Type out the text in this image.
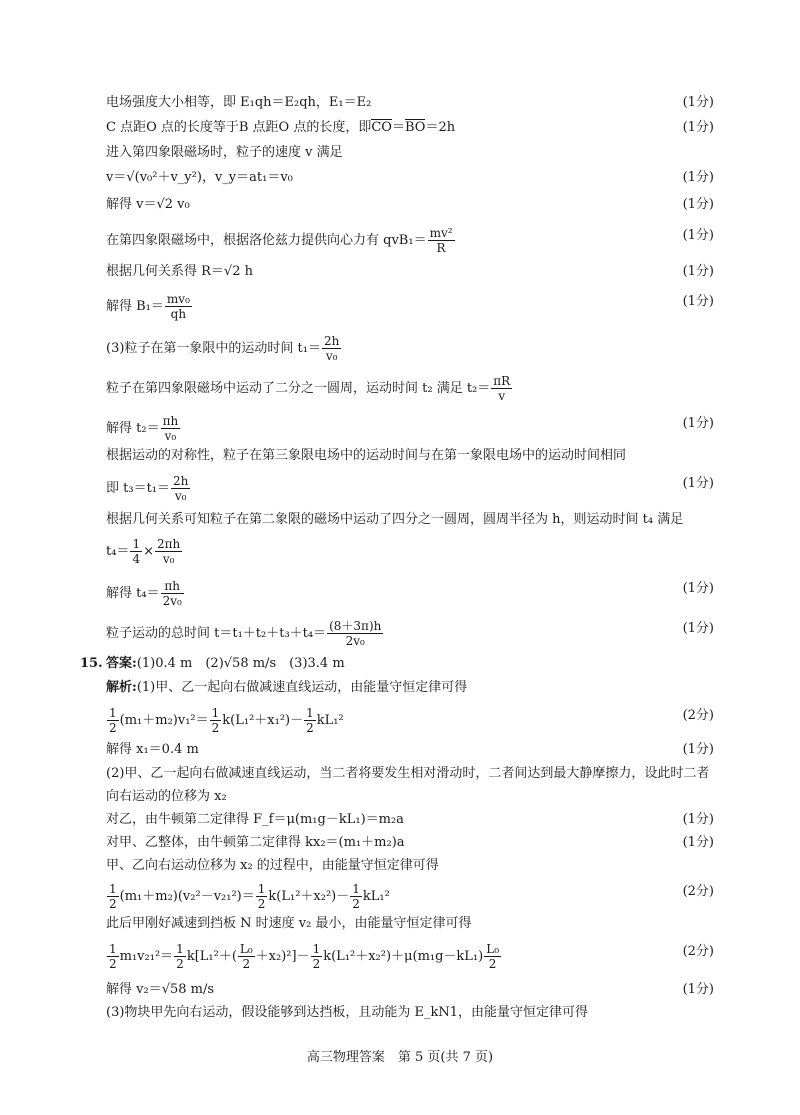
电场强度大小相等，即 E₁qh＝E₂qh，E₁＝E₂	(1分)
C 点距O 点的长度等于B 点距O 点的长度，即CO＝BO＝2h	(1分)
进入第四象限磁场时，粒子的速度 v 满足
v＝√(v₀²＋v_y²)，v_y＝at₁＝v₀	(1分)
解得 v＝√2 v₀	(1分)
在第四象限磁场中，根据洛伦兹力提供向心力有 $qvB_1= \frac{\text{mv²}}{R}$	(1分)
根据几何关系得 R＝√2 h	(1分)
解得 $B_1= \frac{\text{mv₀}}{qh}$	(1分)
(3)粒子在第一象限中的运动时间 $t_1= \frac{2h}{\text{v₀}}$
粒子在第四象限磁场中运动了二分之一圆周，运动时间 t₂ 满足 $t_2= \frac{\pi R}{v}$
解得 $t_2= \frac{\pi h}{\text{v₀}}$	(1分)
根据运动的对称性，粒子在第三象限电场中的运动时间与在第一象限电场中的运动时间相同
即 $t_3=t_1= \frac{2h}{\text{v₀}}$	(1分)
根据几何关系可知粒子在第二象限的磁场中运动了四分之一圆周，圆周半径为 h，则运动时间 t₄ 满足
$t_4= \frac{1}{4} \times \frac{2\pi h}{\text{v₀}}$
解得 $t_4= \frac{\pi h}{\text{2v₀}}$	(1分)
粒子运动的总时间 $t=t_1+t_2+t_3+t_4= \frac{(8+3\pi)h}{\text{2v₀}}$	(1分)
15. 答案:(1)0.4 m　(2)√58 m/s　(3)3.4 m
解析:(1)甲、乙一起向右做减速直线运动，由能量守恒定律可得
$\frac{1}{2} (m_1+m_2)v_1^2= \frac{1}{2} k(L_1^2+x_1^2)- \frac{1}{2} kL_1^2$	(2分)
解得 x₁＝0.4 m	(1分)
(2)甲、乙一起向右做减速直线运动，当二者将要发生相对滑动时，二者间达到最大静摩擦力，设此时二者
向右运动的位移为 x₂
对乙，由牛顿第二定律得 F_f＝μ(m₁g－kL₁)＝m₂a	(1分)
对甲、乙整体，由牛顿第二定律得 kx₂＝(m₁＋m₂)a	(1分)
甲、乙向右运动位移为 x₂ 的过程中，由能量守恒定律可得
$\frac{1}{2} (m_1+m_2)(v_2^2-v_{21}^2)= \frac{1}{2} k(L_1^2+x_2^2)- \frac{1}{2} kL_1^2$	(2分)
此后甲刚好减速到挡板 N 时速度 v₂ 最小，由能量守恒定律可得
$\frac{1}{2} m_1v_{21}^2= \frac{1}{2} k[L_1^2+( \frac{\text{L₀}}{2} +x_2)^2]- \frac{1}{2} k(L_1^2+x_2^2)+\mu(m_1g-kL_1) \frac{\text{L₀}}{2}$	(2分)
解得 v₂＝√58 m/s	(1分)
(3)物块甲先向右运动，假设能够到达挡板，且动能为 E_kN1，由能量守恒定律可得
高三物理答案　第 5 页(共 7 页)
